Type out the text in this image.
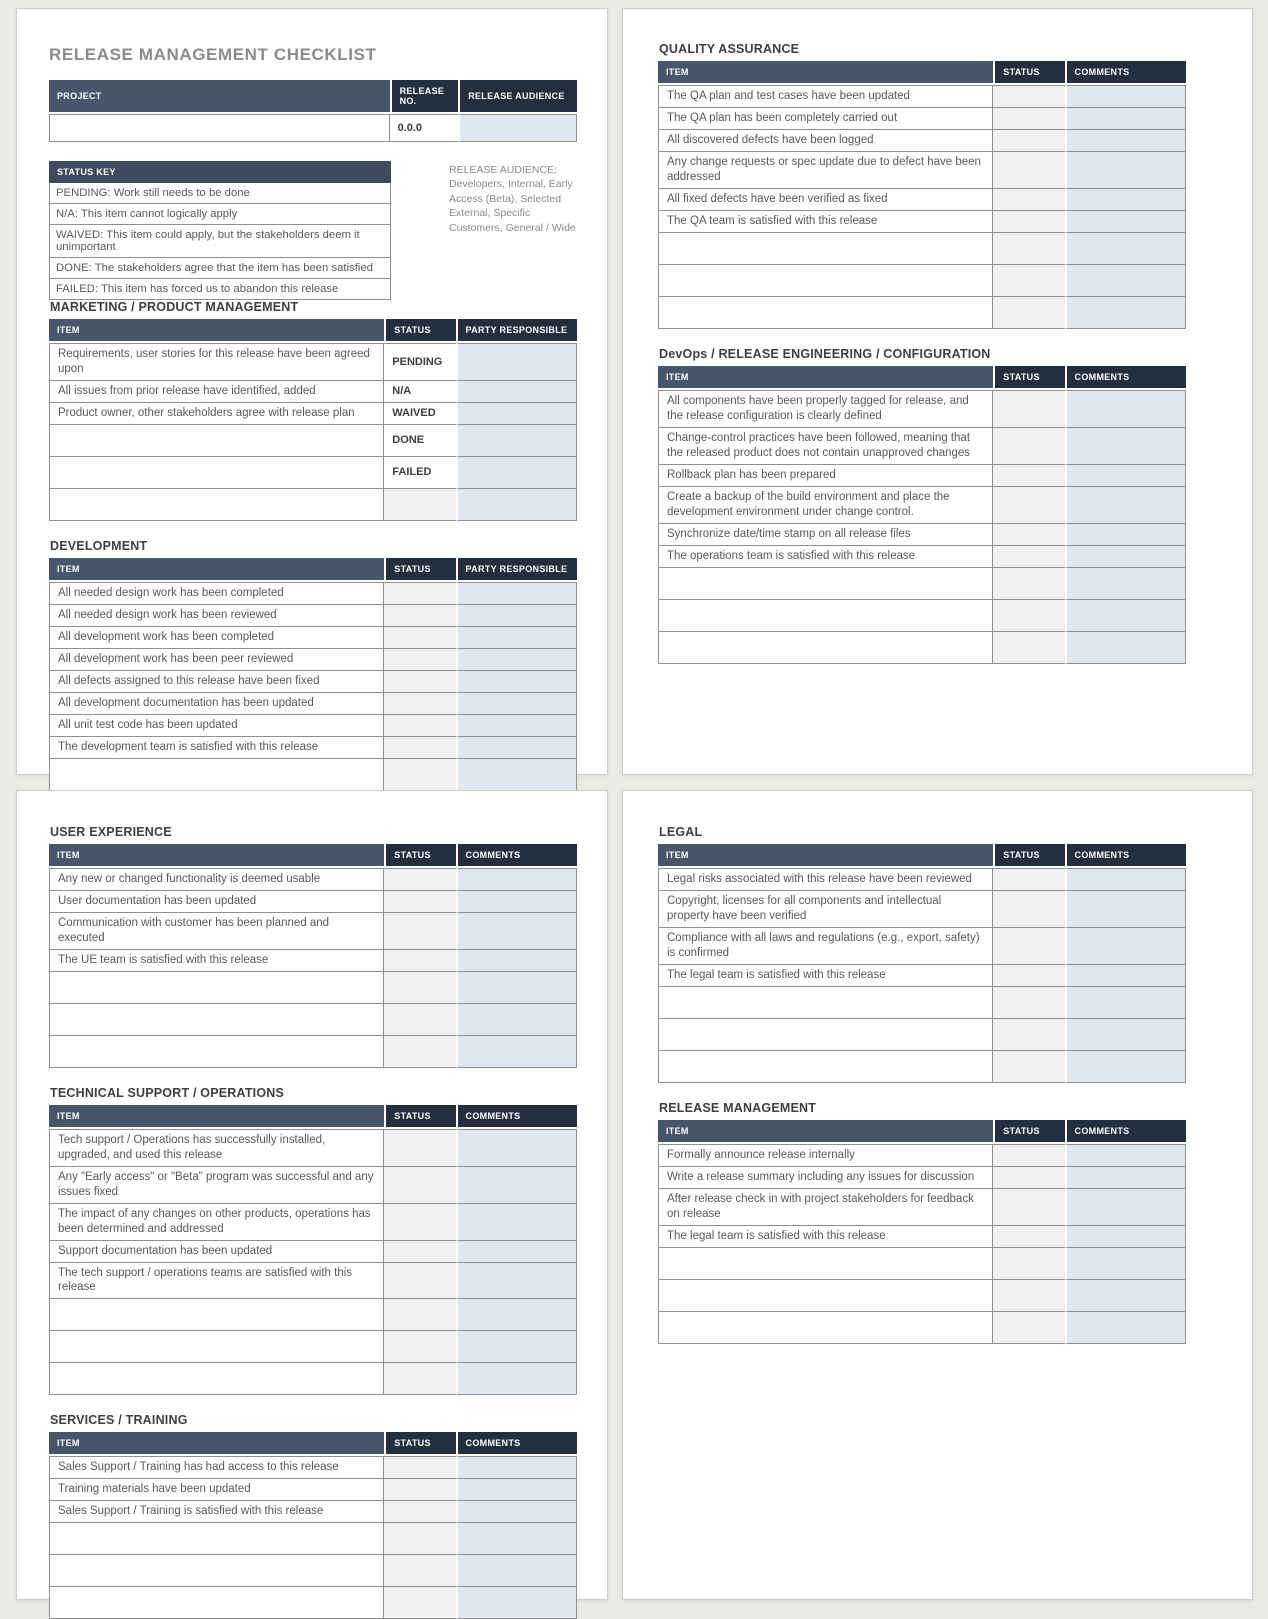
RELEASE MANAGEMENT CHECKLIST
PROJECT	RELEASE NO.	RELEASE AUDIENCE
	0.0.0	
STATUS KEY
PENDING: Work still needs to be done
N/A: This item cannot logically apply
WAIVED: This item could apply, but the stakeholders deem it unimportant
DONE: The stakeholders agree that the item has been satisfied
FAILED: This item has forced us to abandon this release
RELEASE AUDIENCE:
Developers, Internal, Early Access (Beta), Selected External, Specific Customers, General / Wide
MARKETING / PRODUCT MANAGEMENT
ITEM	STATUS	PARTY RESPONSIBLE
Requirements, user stories for this release have been agreed upon	PENDING	
All issues from prior release have identified, added	N/A	
Product owner, other stakeholders agree with release plan	WAIVED	
	DONE	
	FAILED	

DEVELOPMENT
ITEM	STATUS	PARTY RESPONSIBLE
All needed design work has been completed		
All needed design work has been reviewed		
All development work has been completed		
All development work has been peer reviewed		
All defects assigned to this release have been fixed		
All development documentation has been updated		
All unit test code has been updated		
The development team is satisfied with this release		

QUALITY ASSURANCE
ITEM	STATUS	COMMENTS
The QA plan and test cases have been updated		
The QA plan has been completely carried out		
All discovered defects have been logged		
Any change requests or spec update due to defect have been addressed		
All fixed defects have been verified as fixed		
The QA team is satisfied with this release		

DevOps / RELEASE ENGINEERING / CONFIGURATION
ITEM	STATUS	COMMENTS
All components have been properly tagged for release, and the release configuration is clearly defined		
Change-control practices have been followed, meaning that the released product does not contain unapproved changes		
Rollback plan has been prepared		
Create a backup of the build environment and place the development environment under change control.		
Synchronize date/time stamp on all release files		
The operations team is satisfied with this release		

USER EXPERIENCE
ITEM	STATUS	COMMENTS
Any new or changed functionality is deemed usable		
User documentation has been updated		
Communication with customer has been planned and executed		
The UE team is satisfied with this release		

TECHNICAL SUPPORT / OPERATIONS
ITEM	STATUS	COMMENTS
Tech support / Operations has successfully installed, upgraded, and used this release		
Any "Early access" or "Beta" program was successful and any issues fixed		
The impact of any changes on other products, operations has been determined and addressed		
Support documentation has been updated		
The tech support / operations teams are satisfied with this release		

SERVICES / TRAINING
ITEM	STATUS	COMMENTS
Sales Support / Training has had access to this release		
Training materials have been updated		
Sales Support / Training is satisfied with this release		

LEGAL
ITEM	STATUS	COMMENTS
Legal risks associated with this release have been reviewed		
Copyright, licenses for all components and intellectual property have been verified		
Compliance with all laws and regulations (e.g., export, safety) is confirmed		
The legal team is satisfied with this release		

RELEASE MANAGEMENT
ITEM	STATUS	COMMENTS
Formally announce release internally		
Write a release summary including any issues for discussion		
After release check in with project stakeholders for feedback on release		
The legal team is satisfied with this release		
